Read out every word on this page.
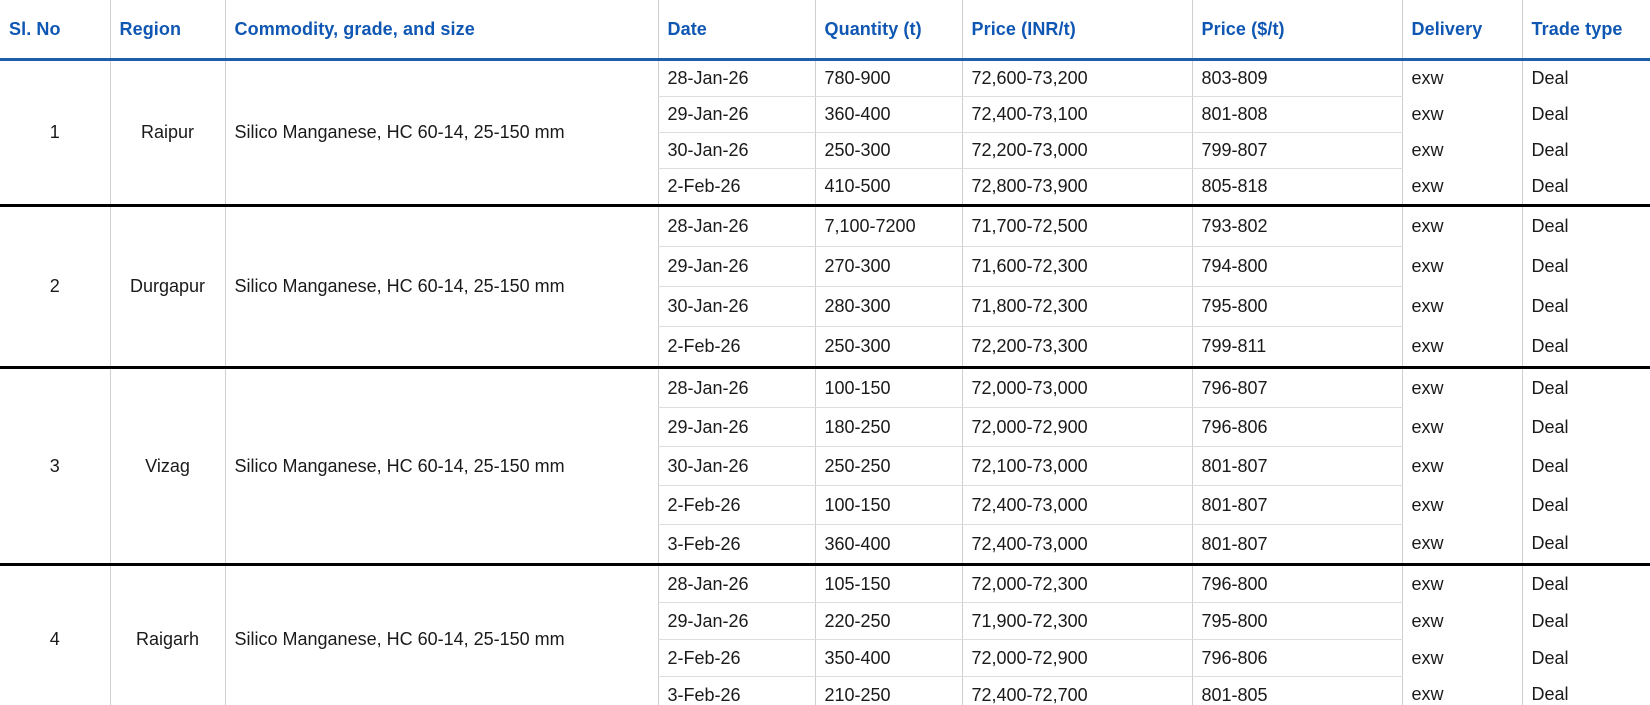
Sl. No	Region	Commodity, grade, and size	Date	Quantity (t)	Price (INR/t)	Price ($/t)	Delivery	Trade type
1	Raipur	Silico Manganese, HC 60-14, 25-150 mm	28-Jan-26	780-900	72,600-73,200	803-809	exw	Deal
			29-Jan-26	360-400	72,400-73,100	801-808	exw	Deal
			30-Jan-26	250-300	72,200-73,000	799-807	exw	Deal
			2-Feb-26	410-500	72,800-73,900	805-818	exw	Deal
2	Durgapur	Silico Manganese, HC 60-14, 25-150 mm	28-Jan-26	7,100-7200	71,700-72,500	793-802	exw	Deal
			29-Jan-26	270-300	71,600-72,300	794-800	exw	Deal
			30-Jan-26	280-300	71,800-72,300	795-800	exw	Deal
			2-Feb-26	250-300	72,200-73,300	799-811	exw	Deal
3	Vizag	Silico Manganese, HC 60-14, 25-150 mm	28-Jan-26	100-150	72,000-73,000	796-807	exw	Deal
			29-Jan-26	180-250	72,000-72,900	796-806	exw	Deal
			30-Jan-26	250-250	72,100-73,000	801-807	exw	Deal
			2-Feb-26	100-150	72,400-73,000	801-807	exw	Deal
			3-Feb-26	360-400	72,400-73,000	801-807	exw	Deal
4	Raigarh	Silico Manganese, HC 60-14, 25-150 mm	28-Jan-26	105-150	72,000-72,300	796-800	exw	Deal
			29-Jan-26	220-250	71,900-72,300	795-800	exw	Deal
			2-Feb-26	350-400	72,000-72,900	796-806	exw	Deal
			3-Feb-26	210-250	72,400-72,700	801-805	exw	Deal
